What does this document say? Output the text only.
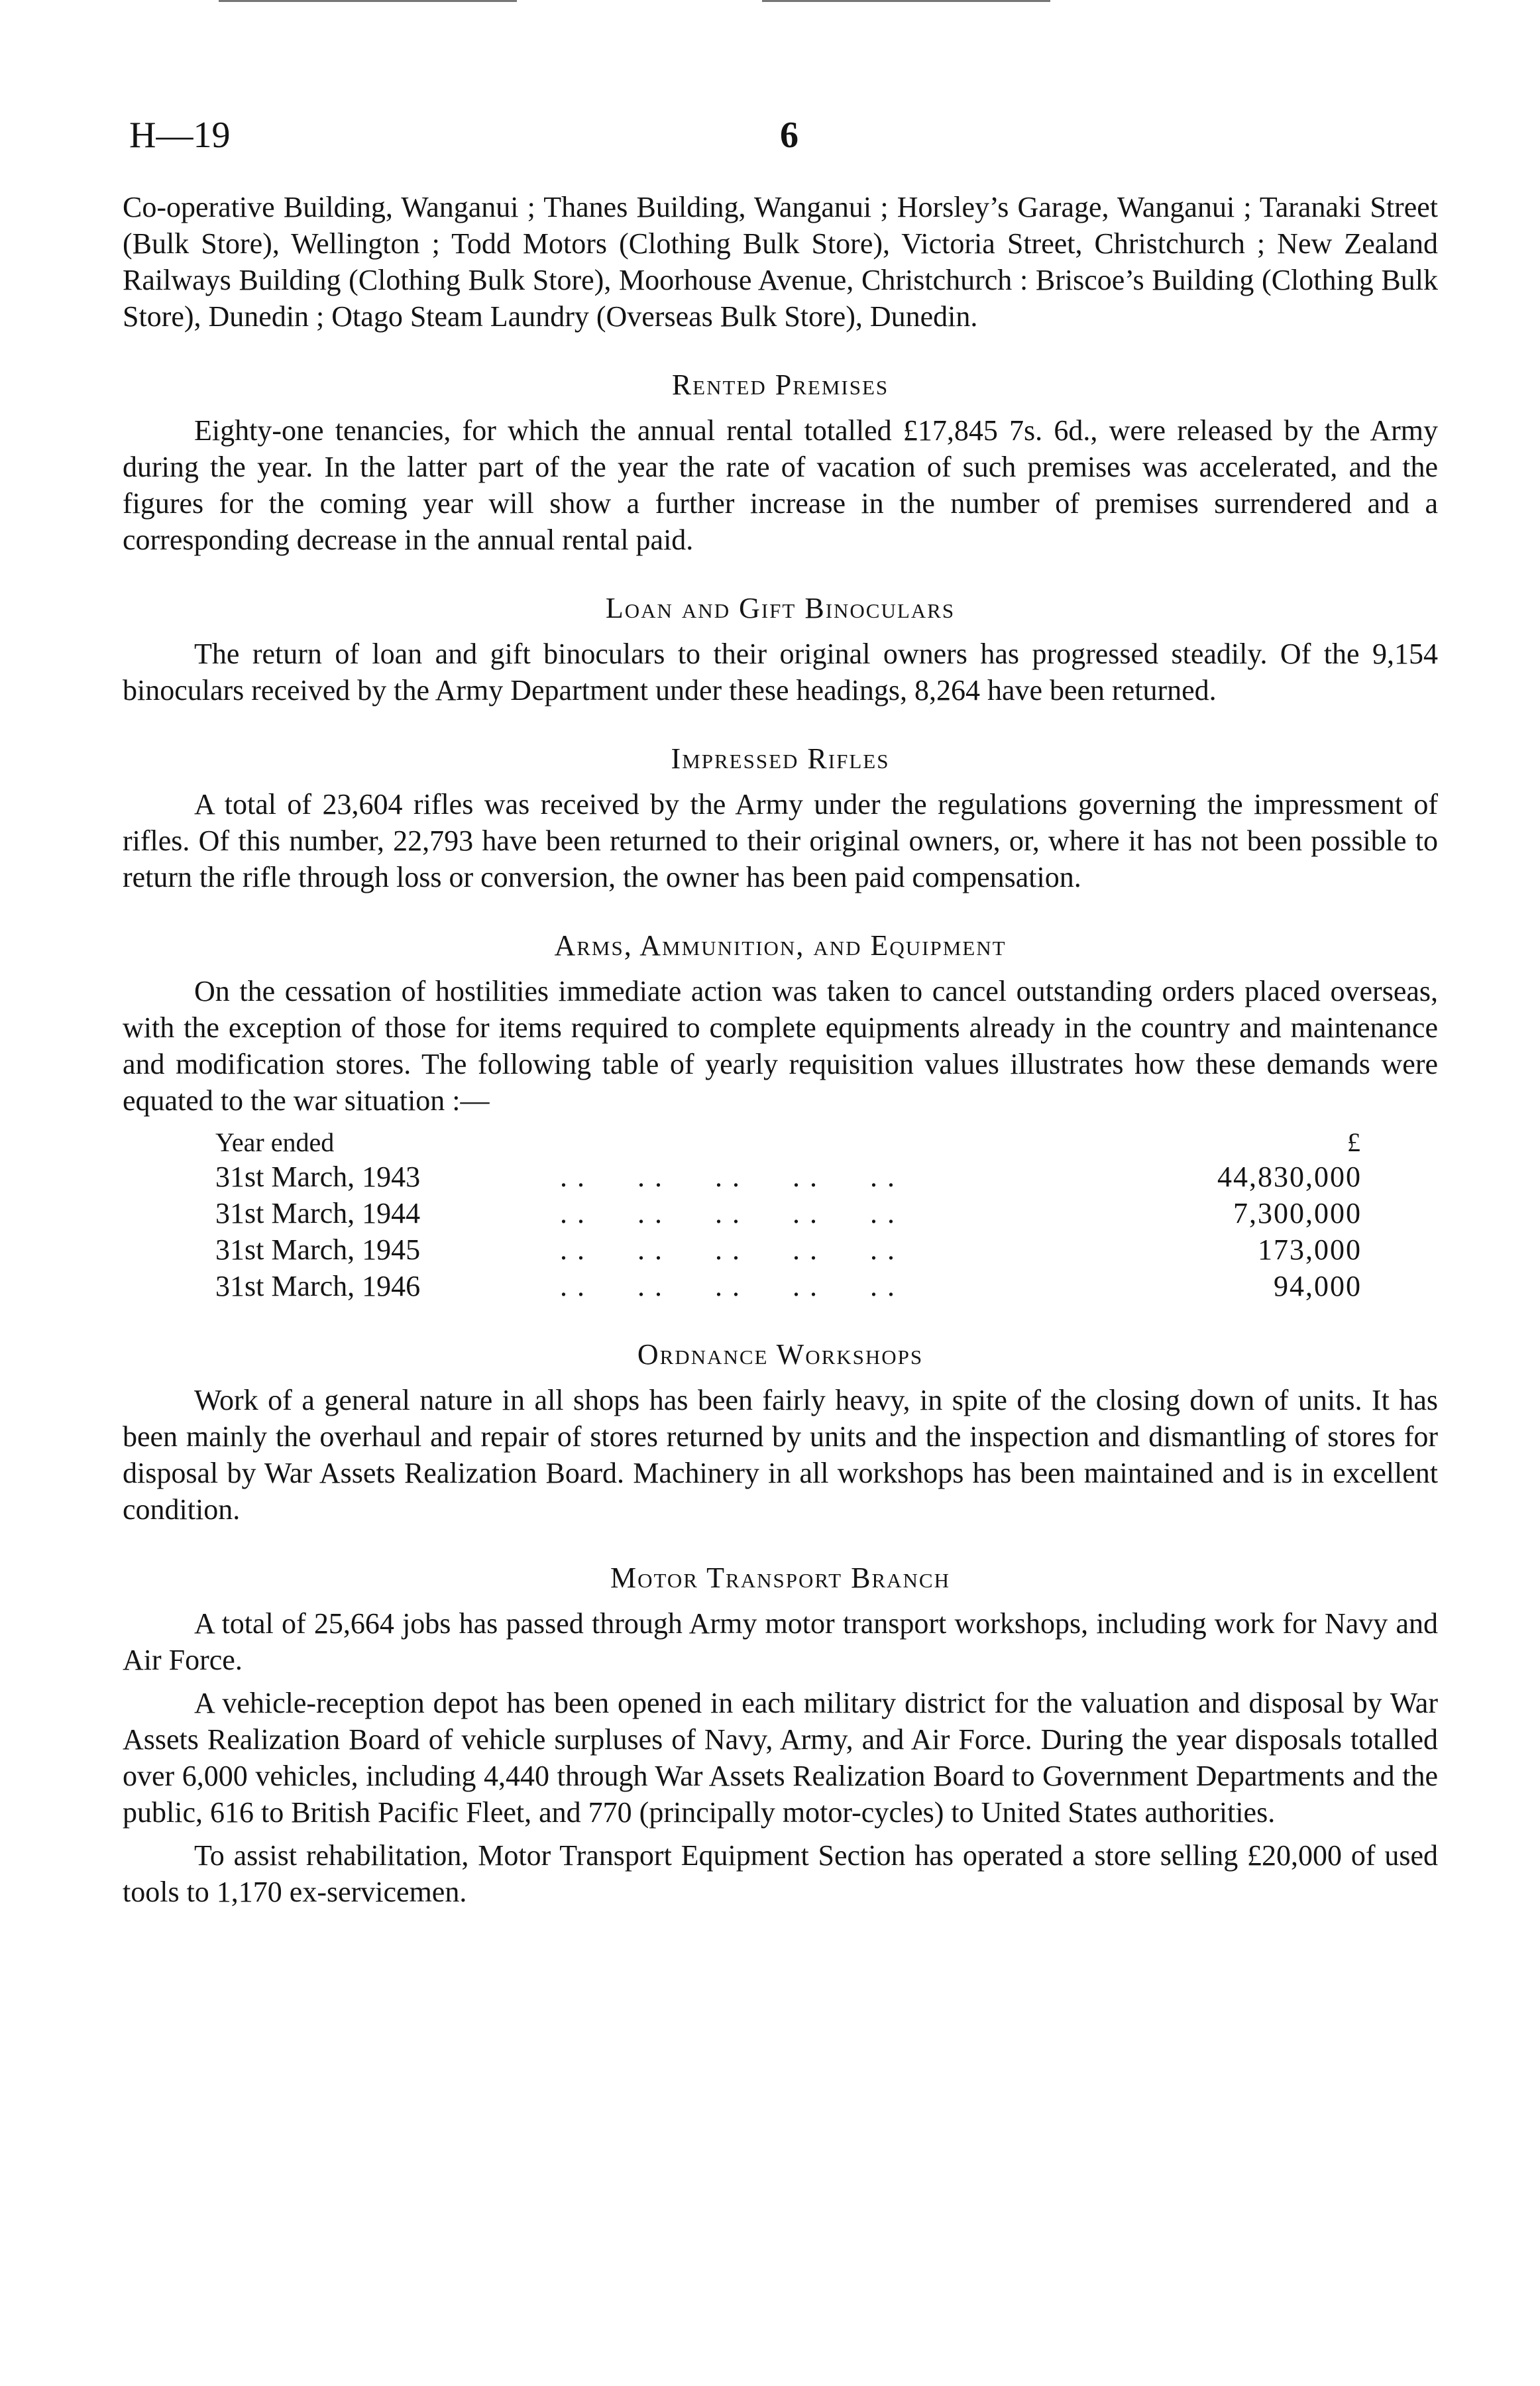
H—19	6

Co-operative Building, Wanganui ; Thanes Building, Wanganui ; Horsley’s Garage, Wanganui ; Taranaki Street (Bulk Store), Wellington ; Todd Motors (Clothing Bulk Store), Victoria Street, Christchurch ; New Zealand Railways Building (Clothing Bulk Store), Moorhouse Avenue, Christchurch : Briscoe’s Building (Clothing Bulk Store), Dunedin ; Otago Steam Laundry (Overseas Bulk Store), Dunedin.

Rented Premises

Eighty-one tenancies, for which the annual rental totalled £17,845 7s. 6d., were released by the Army during the year. In the latter part of the year the rate of vacation of such premises was accelerated, and the figures for the coming year will show a further increase in the number of premises surrendered and a corresponding decrease in the annual rental paid.

Loan and Gift Binoculars

The return of loan and gift binoculars to their original owners has progressed steadily. Of the 9,154 binoculars received by the Army Department under these headings, 8,264 have been returned.

Impressed Rifles

A total of 23,604 rifles was received by the Army under the regulations governing the impressment of rifles. Of this number, 22,793 have been returned to their original owners, or, where it has not been possible to return the rifle through loss or conversion, the owner has been paid compensation.

Arms, Ammunition, and Equipment

On the cessation of hostilities immediate action was taken to cancel outstanding orders placed overseas, with the exception of those for items required to complete equipments already in the country and maintenance and modification stores. The following table of yearly requisition values illustrates how these demands were equated to the war situation :—

Year ended		£
31st March, 1943	. .      . .      . .      . .      . .	44,830,000
31st March, 1944	. .      . .      . .      . .      . .	7,300,000
31st March, 1945	. .      . .      . .      . .      . .	173,000
31st March, 1946	. .      . .      . .      . .      . .	94,000
Ordnance Workshops

Work of a general nature in all shops has been fairly heavy, in spite of the closing down of units. It has been mainly the overhaul and repair of stores returned by units and the inspection and dismantling of stores for disposal by War Assets Realization Board. Machinery in all workshops has been maintained and is in excellent condition.

Motor Transport Branch

A total of 25,664 jobs has passed through Army motor transport workshops, including work for Navy and Air Force.

A vehicle-reception depot has been opened in each military district for the valuation and disposal by War Assets Realization Board of vehicle surpluses of Navy, Army, and Air Force. During the year disposals totalled over 6,000 vehicles, including 4,440 through War Assets Realization Board to Government Departments and the public, 616 to British Pacific Fleet, and 770 (principally motor-cycles) to United States authorities.

To assist rehabilitation, Motor Transport Equipment Section has operated a store selling £20,000 of used tools to 1,170 ex-servicemen.
